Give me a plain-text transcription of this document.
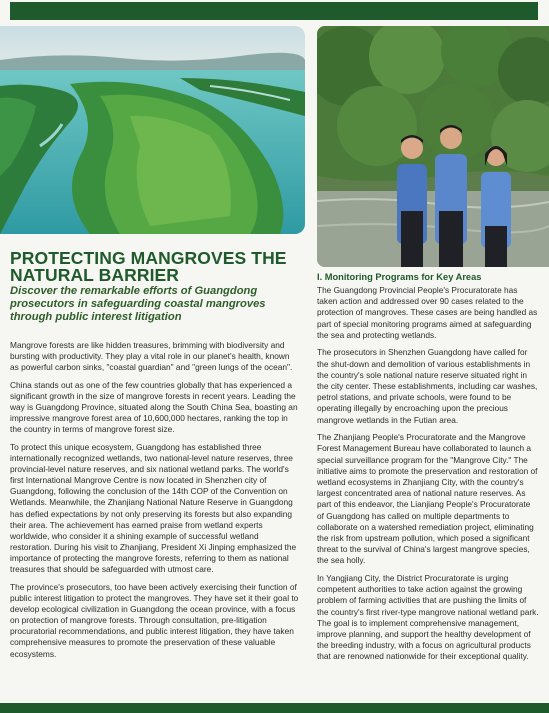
PROTECTING MANGROVES THE NATURAL BARRIER
Discover the remarkable efforts of Guangdong prosecutors in safeguarding coastal mangroves through public interest litigation

Mangrove forests are like hidden treasures, brimming with biodiversity and bursting with productivity. They play a vital role in our planet's health, known as powerful carbon sinks, "coastal guardian" and "green lungs of the ocean".

China stands out as one of the few countries globally that has experienced a significant growth in the size of mangrove forests in recent years. Leading the way is Guangdong Province, situated along the South China Sea, boasting an impressive mangrove forest area of 10,600,000 hectares, ranking the top in the country in terms of mangrove forest size.

To protect this unique ecosystem, Guangdong has established three internationally recognized wetlands, two national-level nature reserves, three provincial-level nature reserves, and six national wetland parks. The world's first International Mangrove Centre is now located in Shenzhen city of Guangdong, following the conclusion of the 14th COP of the Convention on Wetlands. Meanwhile, the Zhanjiang National Nature Reserve in Guangdong has defied expectations by not only preserving its forests but also expanding their area. The achievement has earned praise from wetland experts worldwide, who consider it a shining example of successful wetland restoration. During his visit to Zhanjiang, President Xi Jinping emphasized the importance of protecting the mangrove forests, referring to them as national treasures that should be safeguarded with utmost care.

The province's prosecutors, too have been actively exercising their function of public interest litigation to protect the mangroves. They have set it their goal to develop ecological civilization in Guangdong the ocean province, with a focus on protection of mangrove forests. Through consultation, pre-litigation procuratorial recommendations, and public interest litigation, they have taken comprehensive measures to promote the preservation of these valuable ecosystems.

I. Monitoring Programs for Key Areas

The Guangdong Provincial People's Procuratorate has taken action and addressed over 90 cases related to the protection of mangroves. These cases are being handled as part of special monitoring programs aimed at safeguarding the sea and protecting wetlands.

The prosecutors in Shenzhen Guangdong have called for the shut-down and demolition of various establishments in the country's sole national nature reserve situated right in the city center. These establishments, including car washes, petrol stations, and private schools, were found to be operating illegally by encroaching upon the precious mangrove wetlands in the Futian area.

The Zhanjiang People's Procuratorate and the Mangrove Forest Management Bureau have collaborated to launch a special surveillance program for the "Mangrove City." The initiative aims to promote the preservation and restoration of wetland ecosystems in Zhanjiang City, with the country's largest concentrated area of national nature reserves. As part of this endeavor, the Lianjiang People's Procuratorate of Guangdong has called on multiple departments to collaborate on a watershed remediation project, eliminating the risk from upstream pollution, which posed a significant threat to the survival of China's largest mangrove species, the sea holly.

In Yangjiang City, the District Procuratorate is urging competent authorities to take action against the growing problem of farming activities that are pushing the limits of the country's first river-type mangrove national wetland park. The goal is to implement comprehensive management, improve planning, and support the healthy development of the breeding industry, with a focus on agricultural products that are renowned nationwide for their exceptional quality.
